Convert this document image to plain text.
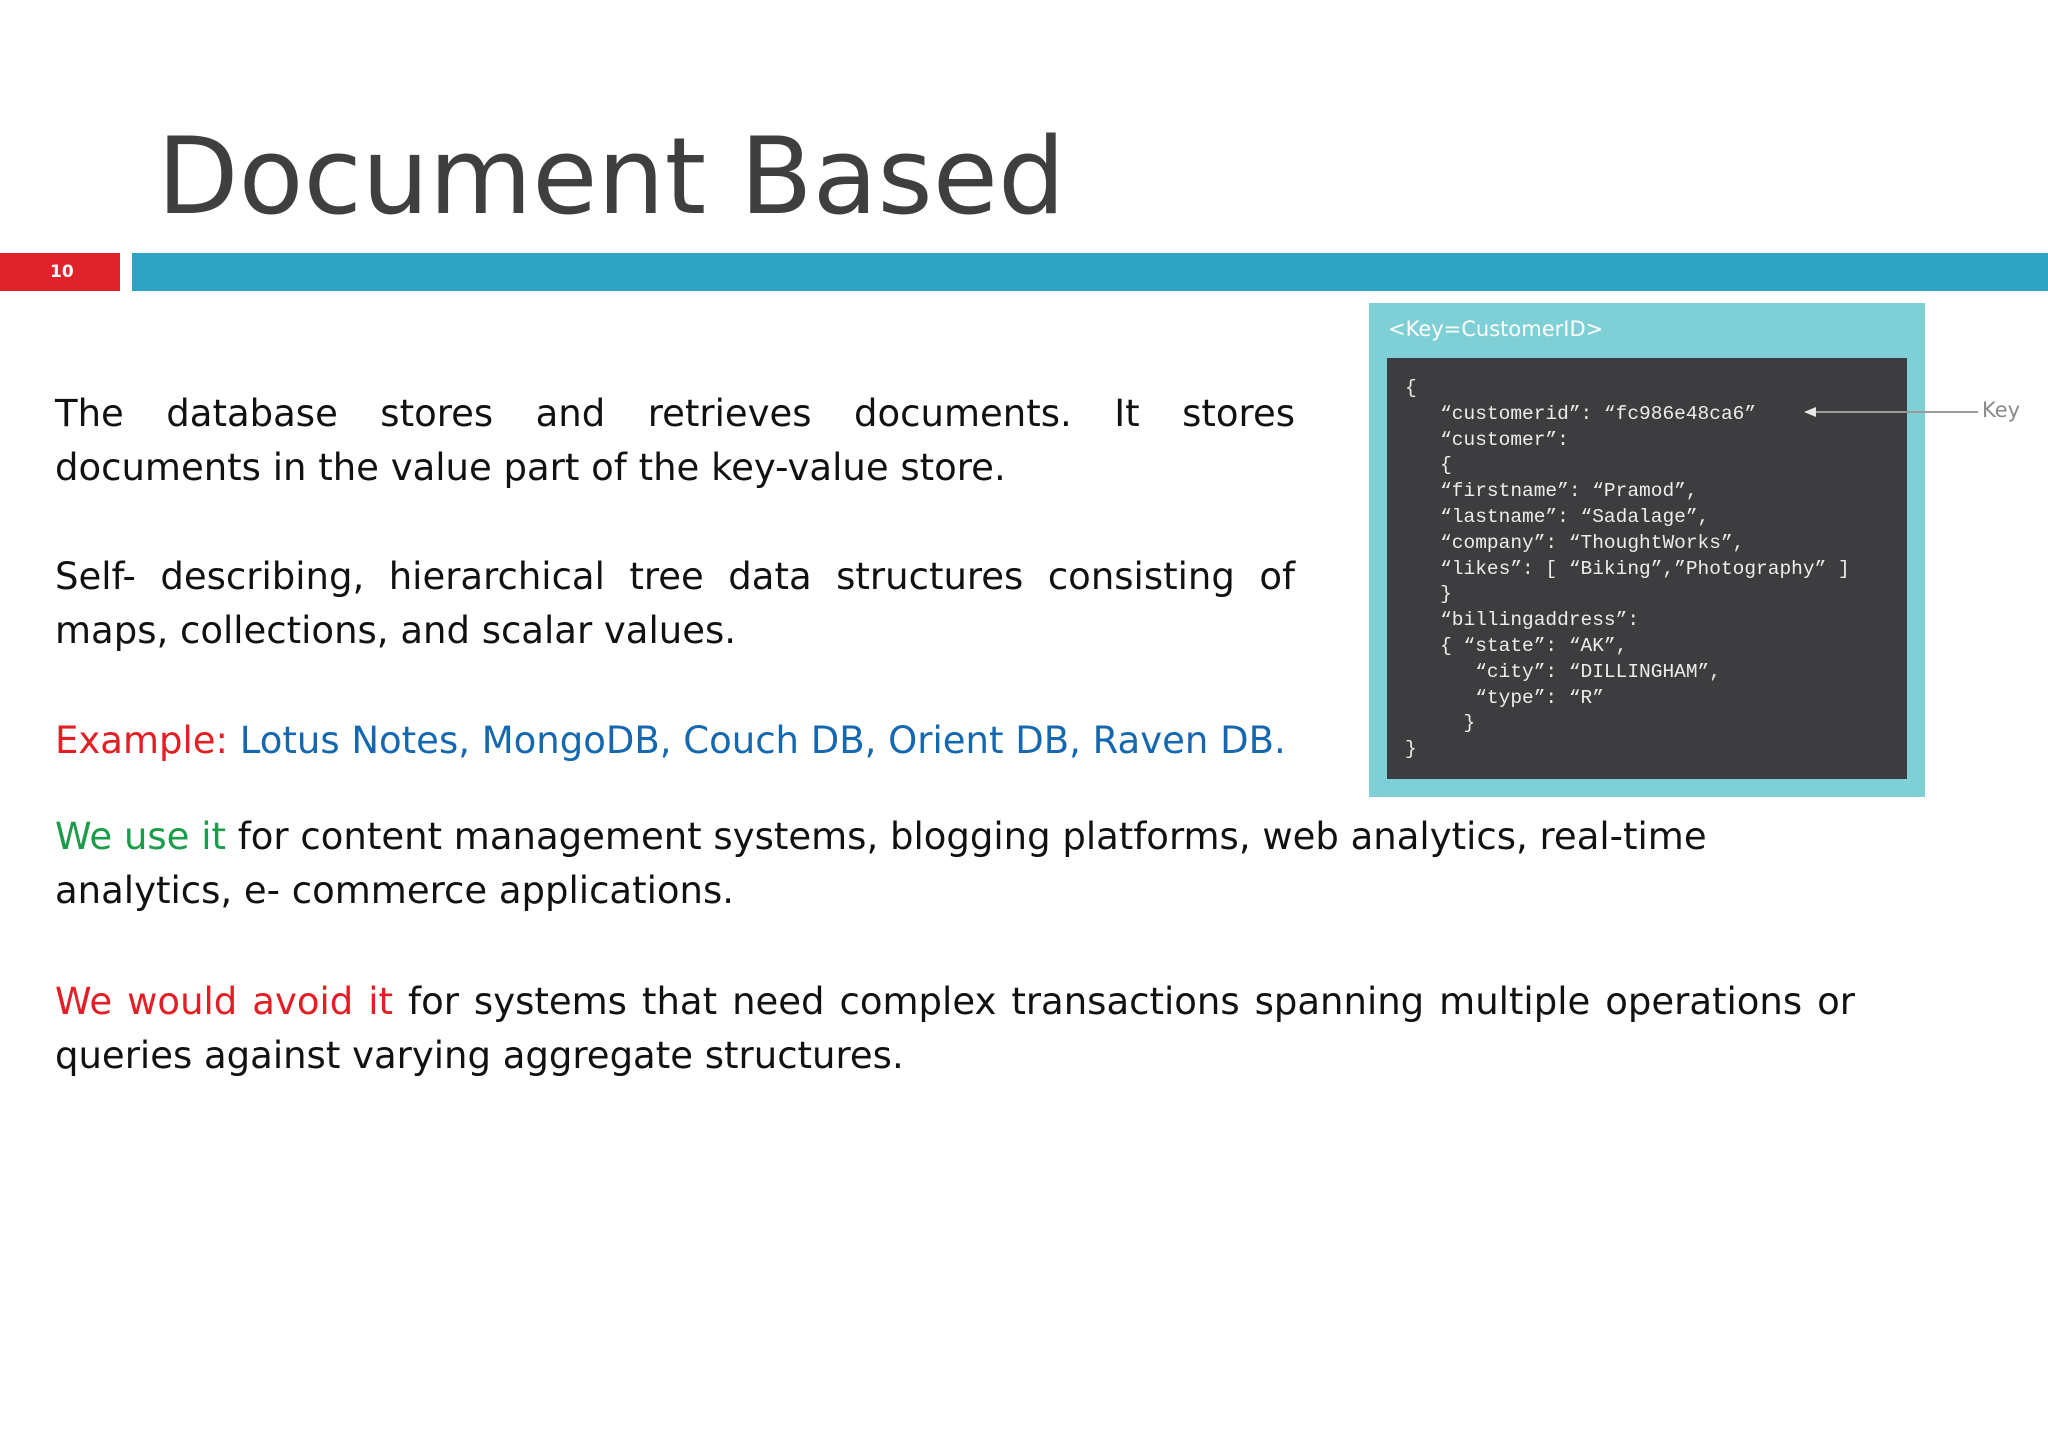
Document Based
10

The database stores and retrieves documents. It stores documents in the value part of the key-value store.

Self- describing, hierarchical tree data structures consisting of maps, collections, and scalar values.

Example: Lotus Notes, MongoDB, Couch DB, Orient DB, Raven DB.

We use it for content management systems, blogging platforms, web analytics, real-time analytics, e- commerce applications.

We would avoid it for systems that need complex transactions spanning multiple operations or queries against varying aggregate structures.

<Key=CustomerID>
{
“customerid”: “fc986e48ca6”
“customer”:
{
“firstname”: “Pramod”,
“lastname”: “Sadalage”,
“company”: “ThoughtWorks”,
“likes”: [ “Biking”,”Photography” ]
}
“billingaddress”:
{ “state”: “AK”,
“city”: “DILLINGHAM”,
“type”: “R”
}
}
Key
